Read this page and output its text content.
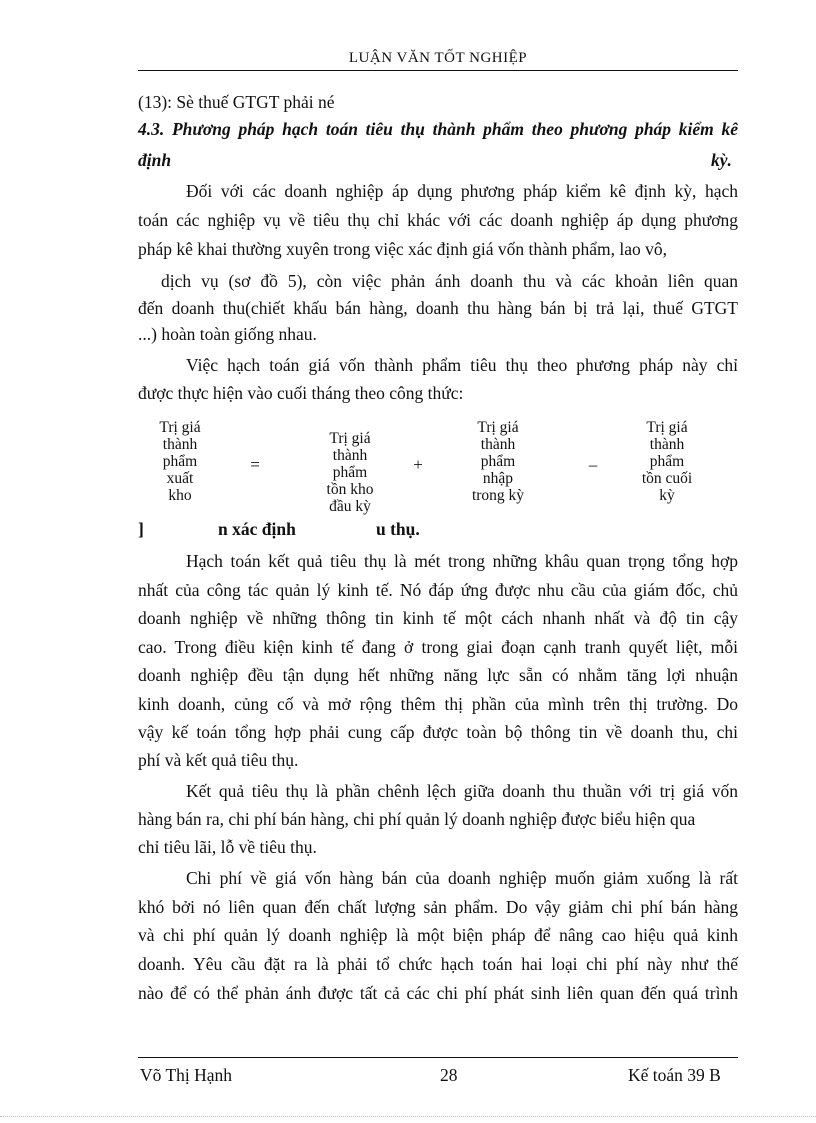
LUẬN VĂN TỐT NGHIỆP
(13): Sè thuế GTGT phải né
4.3. Phương pháp hạch toán tiêu thụ thành phẩm theo phương pháp kiểm kê
định	kỳ.
Đối với các doanh nghiệp áp dụng phương pháp kiểm kê định kỳ, hạch
toán các nghiệp vụ về tiêu thụ chỉ khác với các doanh nghiệp áp dụng phương
pháp kê khai thường xuyên trong việc xác định giá vốn thành phẩm, lao vô,
dịch vụ (sơ đồ 5), còn việc phản ánh doanh thu và các khoản liên quan
đến doanh thu(chiết khấu bán hàng, doanh thu hàng bán bị trả lại, thuế GTGT
...) hoàn toàn giống nhau.
Việc hạch toán giá vốn thành phẩm tiêu thụ theo phương pháp này chỉ
được thực hiện vào cuối tháng theo công thức:
Trị giá
thành
phẩm
xuất
kho
=
Trị giá
thành
phẩm
tồn kho
đầu kỳ
+
Trị giá
thành
phẩm
nhập
trong kỳ
–
Trị giá
thành
phẩm
tồn cuối
kỳ
]	n xác định	u thụ.
Hạch toán kết quả tiêu thụ là mét trong những khâu quan trọng tổng hợp
nhất của công tác quản lý kinh tế. Nó đáp ứng được nhu cầu của giám đốc, chủ
doanh nghiệp về những thông tin kinh tế một cách nhanh nhất và độ tin cậy
cao. Trong điều kiện kinh tế đang ở trong giai đoạn cạnh tranh quyết liệt, mỗi
doanh nghiệp đều tận dụng hết những năng lực sẵn có nhằm tăng lợi nhuận
kinh doanh, củng cố và mở rộng thêm thị phần của mình trên thị trường. Do
vậy kế toán tổng hợp phải cung cấp được toàn bộ thông tin về doanh thu, chi
phí và kết quả tiêu thụ.
Kết quả tiêu thụ là phần chênh lệch giữa doanh thu thuần với trị giá vốn
hàng bán ra, chi phí bán hàng, chi phí quản lý doanh nghiệp được biểu hiện qua
chỉ tiêu lãi, lỗ về tiêu thụ.
Chi phí về giá vốn hàng bán của doanh nghiệp muốn giảm xuống là rất
khó bởi nó liên quan đến chất lượng sản phẩm. Do vậy giảm chi phí bán hàng
và chi phí quản lý doanh nghiệp là một biện pháp để nâng cao hiệu quả kinh
doanh. Yêu cầu đặt ra là phải tổ chức hạch toán hai loại chi phí này như thế
nào để có thể phản ánh được tất cả các chi phí phát sinh liên quan đến quá trình
Võ Thị Hạnh	28	Kế toán 39 B
